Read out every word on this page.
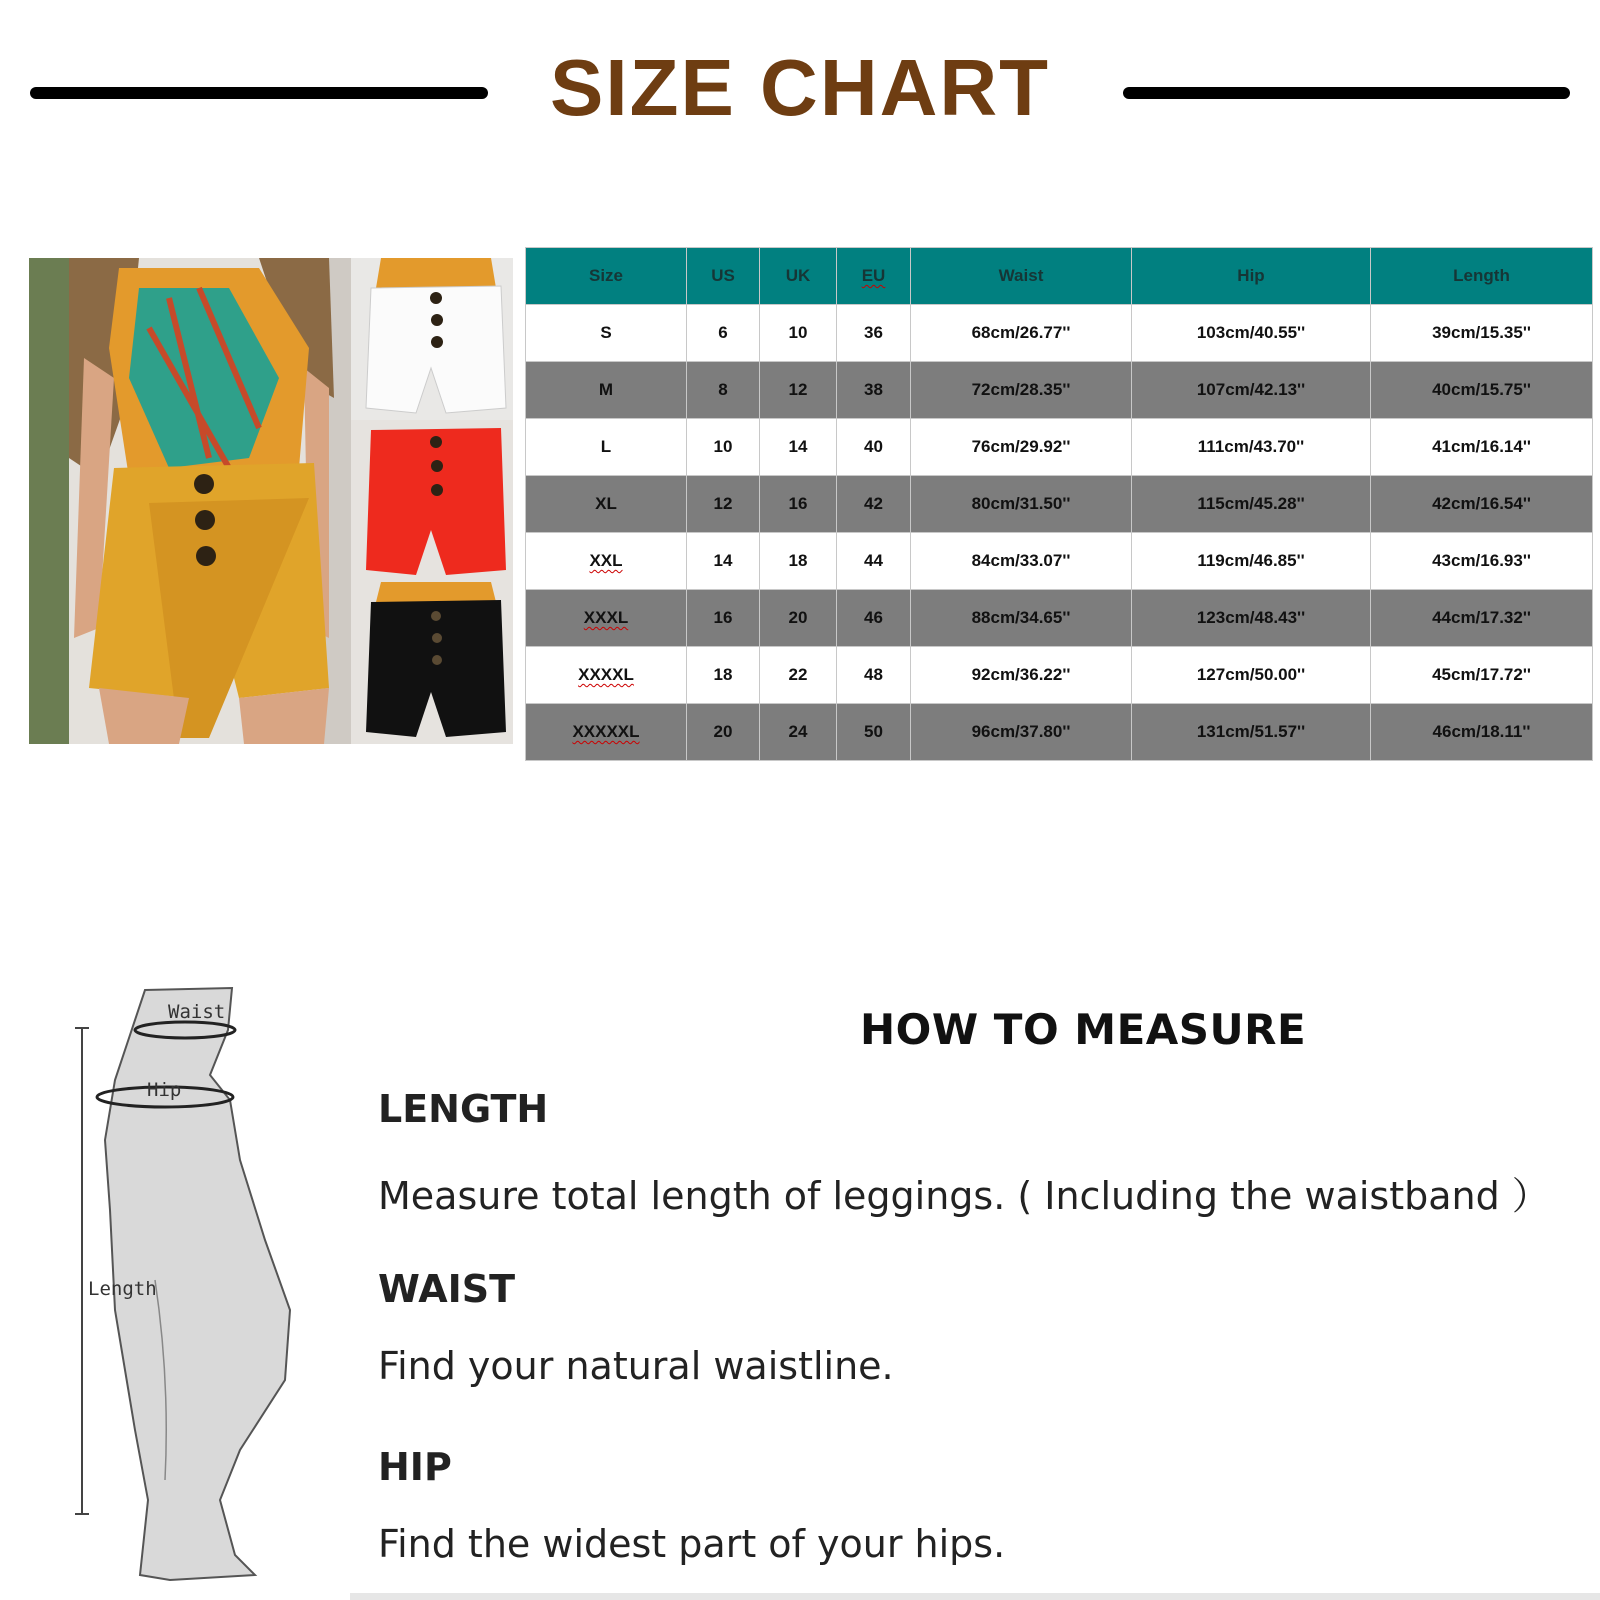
SIZE CHART
Size	US	UK	EU	Waist	Hip	Length
S	6	10	36	68cm/26.77''	103cm/40.55''	39cm/15.35''
M	8	12	38	72cm/28.35''	107cm/42.13''	40cm/15.75''
L	10	14	40	76cm/29.92''	111cm/43.70''	41cm/16.14''
XL	12	16	42	80cm/31.50''	115cm/45.28''	42cm/16.54''
XXL	14	18	44	84cm/33.07''	119cm/46.85''	43cm/16.93''
XXXL	16	20	46	88cm/34.65''	123cm/48.43''	44cm/17.32''
XXXXL	18	22	48	92cm/36.22''	127cm/50.00''	45cm/17.72''
XXXXXL	20	24	50	96cm/37.80''	131cm/51.57''	46cm/18.11''
Waist
Hip
Length
HOW TO MEASURE
LENGTH
Measure total length of leggings. ( Including the waistband ）
WAIST
Find your natural waistline.
HIP
Find the widest part of your hips.
